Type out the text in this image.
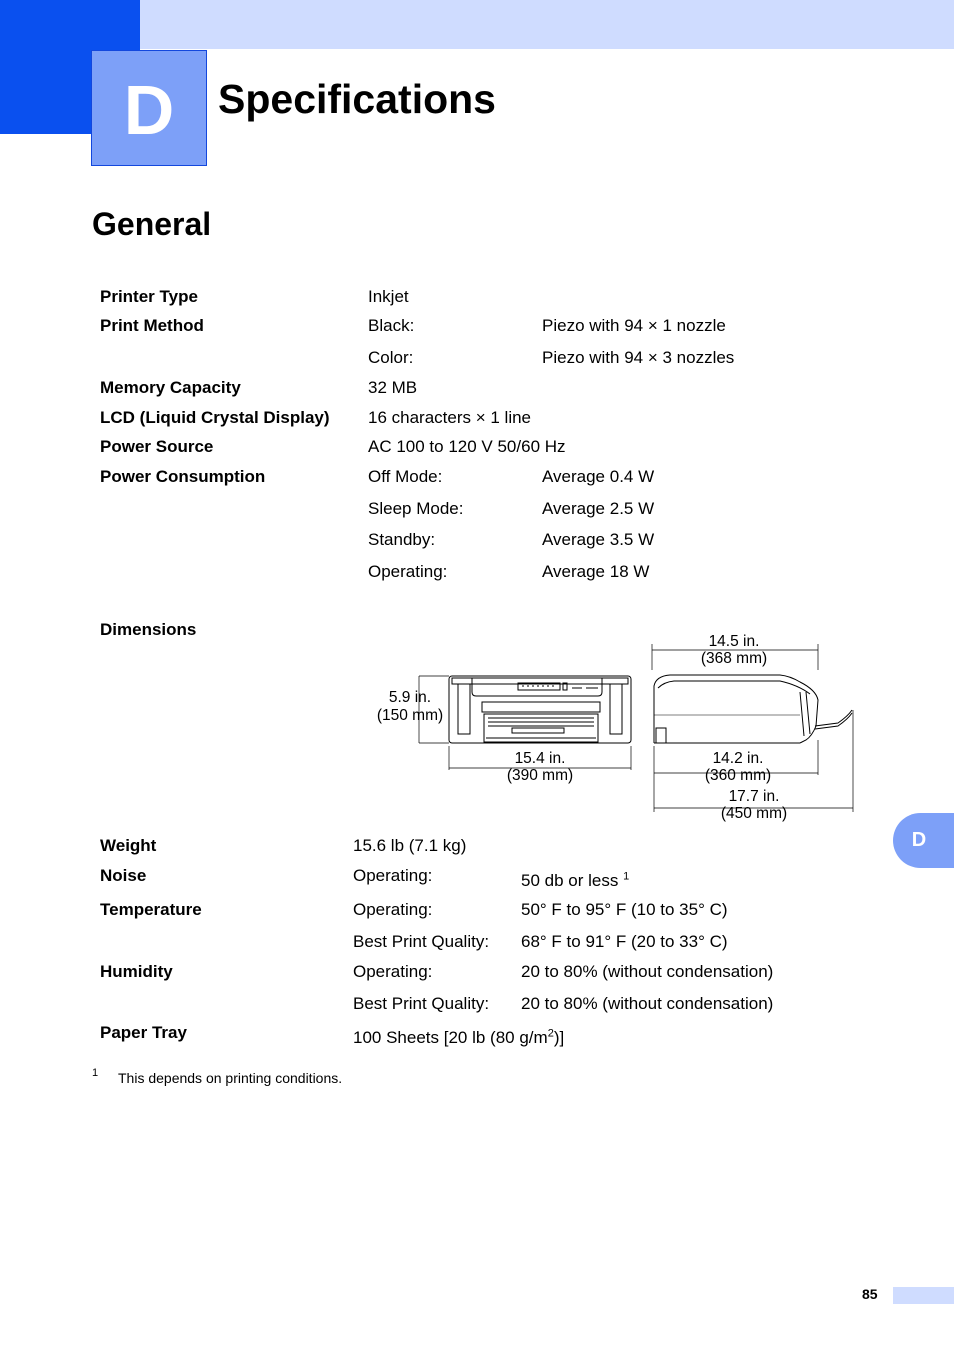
D	Specifications
General
Printer Type	Inkjet
Print Method	Black:	Piezo with 94 × 1 nozzle
Color:	Piezo with 94 × 3 nozzles
Memory Capacity	32 MB
LCD (Liquid Crystal Display) 16 characters × 1 line
Power Source	AC 100 to 120 V 50/60 Hz
Power Consumption	Off Mode:	Average 0.4 W
Sleep Mode:	Average 2.5 W
Standby:	Average 3.5 W
Operating:	Average 18 W
Dimensions
5.9 in.
(150 mm)
15.4 in.
(390 mm)
14.5 in.
(368 mm)
14.2 in.
(360 mm)
17.7 in.
(450 mm)
Weight	15.6 lb (7.1 kg)
Noise	Operating:	50 db or less $^1$
Temperature	Operating:	50° F to 95° F (10 to 35° C)
Best Print Quality: 68° F to 91° F (20 to 33° C)
Humidity	Operating:	20 to 80% (without condensation)
Best Print Quality: 20 to 80% (without condensation)
Paper Tray	100 Sheets [20 lb (80 $g/m^2$)]
1 This depends on printing conditions.
D
85
